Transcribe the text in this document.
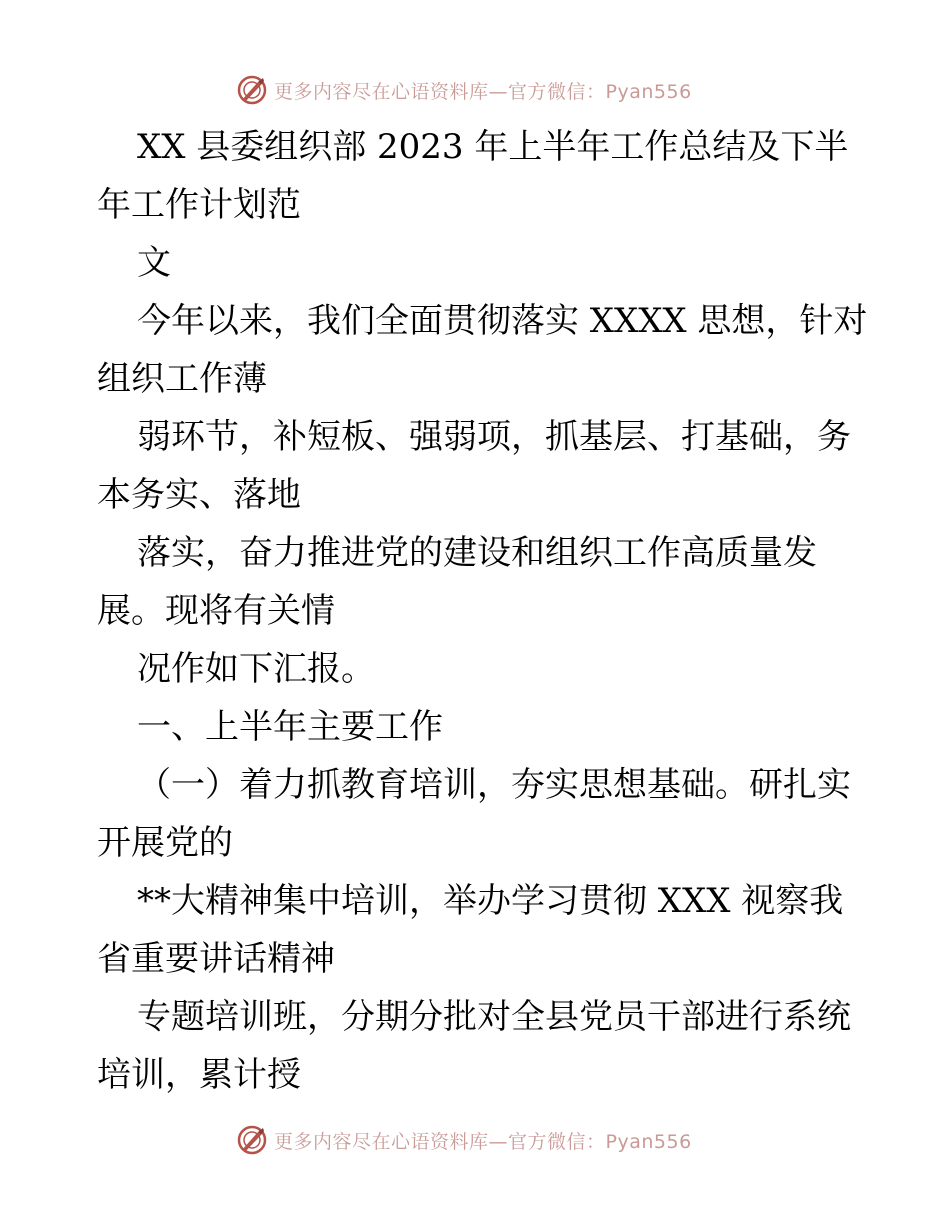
更多内容尽在心语资料库—官方微信：Pyan556
XX 县委组织部 2023 年上半年工作总结及下半
年工作计划范
文
今年以来，我们全面贯彻落实 XXXX 思想，针对
组织工作薄
弱环节，补短板、强弱项，抓基层、打基础，务
本务实、落地
落实，奋力推进党的建设和组织工作高质量发
展。现将有关情
况作如下汇报。
一、上半年主要工作
（一）着力抓教育培训，夯实思想基础。研扎实
开展党的
**大精神集中培训，举办学习贯彻 XXX 视察我
省重要讲话精神
专题培训班，分期分批对全县党员干部进行系统
培训，累计授
更多内容尽在心语资料库—官方微信：Pyan556
